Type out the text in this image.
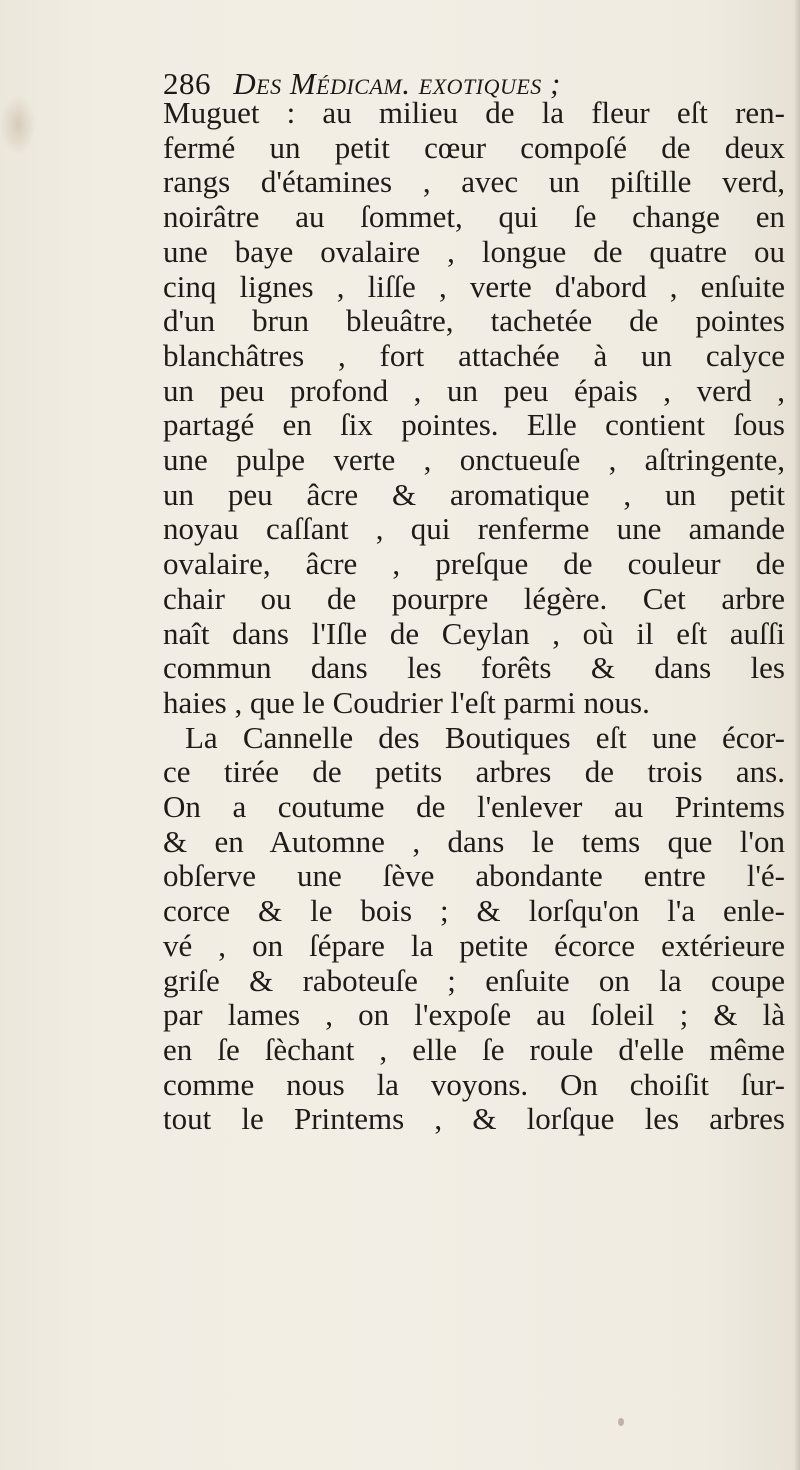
286 Des Médicam. exotiques ;
Muguet : au milieu de la fleur eſt ren-
fermé un petit cœur compoſé de deux
rangs d'étamines , avec un piſtille verd,
noirâtre au ſommet, qui ſe change en
une baye ovalaire , longue de quatre ou
cinq lignes , liſſe , verte d'abord , enſuite
d'un brun bleuâtre, tachetée de pointes
blanchâtres , fort attachée à un calyce
un peu profond , un peu épais , verd ,
partagé en ſix pointes. Elle contient ſous
une pulpe verte , onctueuſe , aſtringente,
un peu âcre & aromatique , un petit
noyau caſſant , qui renferme une amande
ovalaire, âcre , preſque de couleur de
chair ou de pourpre légère. Cet arbre
naît dans l'Iſle de Ceylan , où il eſt auſſi
commun dans les forêts & dans les
haies , que le Coudrier l'eſt parmi nous.
La Cannelle des Boutiques eſt une écor-
ce tirée de petits arbres de trois ans.
On a coutume de l'enlever au Printems
& en Automne , dans le tems que l'on
obſerve une ſève abondante entre l'é-
corce & le bois ; & lorſqu'on l'a enle-
vé , on ſépare la petite écorce extérieure
griſe & raboteuſe ; enſuite on la coupe
par lames , on l'expoſe au ſoleil ; & là
en ſe ſèchant , elle ſe roule d'elle même
comme nous la voyons. On choiſit ſur-
tout le Printems , & lorſque les arbres
